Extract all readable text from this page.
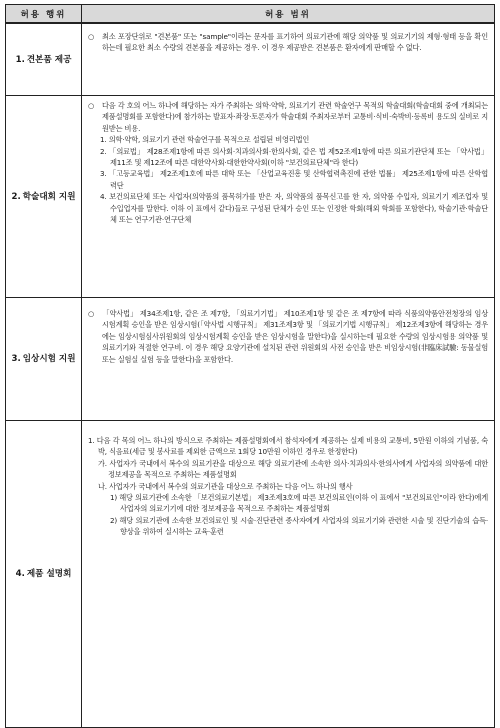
허용 행위	허용 범위
1. 견본품 제공	○ 최소 포장단위로 "견본품" 또는 "sample"이라는 문자를 표기하여 의료기관에 해당 의약품 및 의료기기의 제형·형태 등을 확인하는데 필요한 최소 수량의 견본품을 제공하는 경우. 이 경우 제공받은 견본품은 환자에게 판매할 수 없다.

2. 학술대회 지원	○ 다음 각 호의 어느 하나에 해당하는 자가 주최하는 의학·약학, 의료기기 관련 학술연구 목적의 학술대회(학술대회 중에 개최되는 제품설명회를 포함한다)에 참가하는 발표자·좌장·토론자가 학술대회 주최자로부터 교통비·식비·숙박비·등록비 용도의 실비로 지원받는 비용.

1. 의학·약학, 의료기기 관련 학술연구를 목적으로 설립된 비영리법인

2. 「의료법」 제28조제1항에 따른 의사회·치과의사회·한의사회, 같은 법 제52조제1항에 따른 의료기관단체 또는 「약사법」 제11조 및 제12조에 따른 대한약사회·대한한약사회(이하 "보건의료단체"라 한다)

3. 「고등교육법」 제2조제1호에 따른 대학 또는 「산업교육진흥 및 산학협력촉진에 관한 법률」 제25조제1항에 따른 산학협력단

4. 보건의료단체 또는 사업자(의약품의 품목허가를 받은 자, 의약품의 품목신고를 한 자, 의약품 수입자, 의료기기 제조업자 및 수입업자를 말한다. 이하 이 표에서 같다)들로 구성된 단체가 승인 또는 인정한 학회(해외 학회를 포함한다), 학술기관·학술단체 또는 연구기관·연구단체

3. 임상시험 지원	○ 「약사법」 제34조제1항, 같은 조 제7항, 「의료기기법」 제10조제1항 및 같은 조 제7항에 따라 식품의약품안전청장의 임상시험계획 승인을 받은 임상시험(「약사법 시행규칙」 제31조제3항 및 「의료기기법 시행규칙」 제12조제3항에 해당하는 경우에는 임상시험심사위원회의 임상시험계획 승인을 받은 임상시험을 말한다)을 실시하는데 필요한 수량의 임상시험용 의약품 및 의료기기와 적절한 연구비. 이 경우 해당 요양기관에 설치된 관련 위원회의 사전 승인을 받은 비임상시험(非臨床試驗: 동물실험 또는 실험실 실험 등을 말한다)을 포함한다.

4. 제품 설명회	1. 다음 각 목의 어느 하나의 방식으로 주최하는 제품설명회에서 참석자에게 제공하는 실제 비용의 교통비, 5만원 이하의 기념품, 숙박, 식음료(세금 및 봉사료를 제외한 금액으로 1회당 10만원 이하인 경우로 한정한다)

가. 사업자가 국내에서 복수의 의료기관을 대상으로 해당 의료기관에 소속한 의사·치과의사·한의사에게 사업자의 의약품에 대한 정보제공을 목적으로 주최하는 제품설명회

나. 사업자가 국내에서 복수의 의료기관을 대상으로 주최하는 다음 어느 하나의 행사

1) 해당 의료기관에 소속한 「보건의료기본법」 제3조제3호에 따른 보건의료인(이하 이 표에서 "보건의료인"이라 한다)에게 사업자의 의료기기에 대한 정보제공을 목적으로 주최하는 제품설명회

2) 해당 의료기관에 소속한 보건의료인 및 시술·진단관련 종사자에게 사업자의 의료기기와 관련한 시술 및 진단기술의 습득·향상을 위하여 실시하는 교육·훈련
